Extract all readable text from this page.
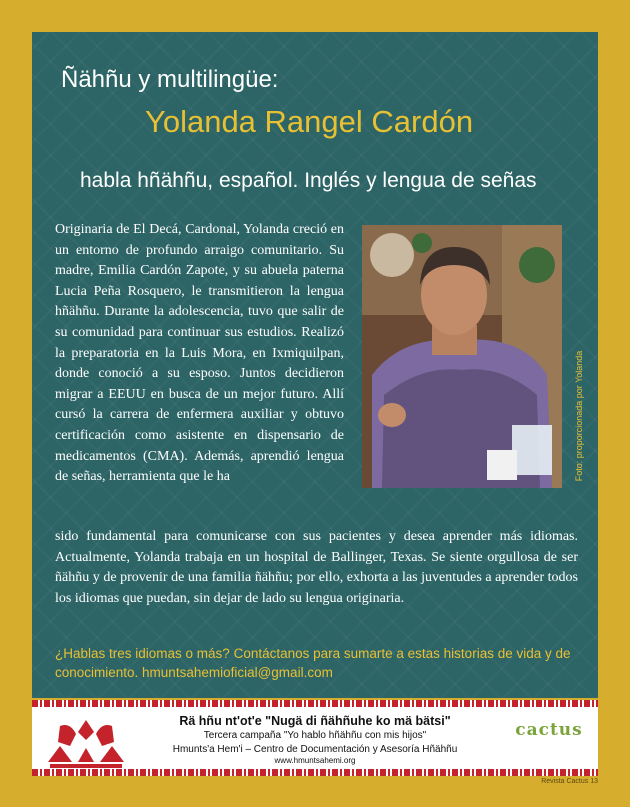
Ñähñu y multilingüe:
Yolanda Rangel Cardón
habla hñähñu, español. Inglés y lengua de señas

Originaria de El Decá, Cardonal, Yolanda creció en un entorno de profundo arraigo comunitario. Su madre, Emilia Cardón Zapote, y su abuela paterna Lucia Peña Rosquero, le transmitieron la lengua hñähñu. Durante la adolescencia, tuvo que salir de su comunidad para continuar sus estudios. Realizó la preparatoria en la Luis Mora, en Ixmiquilpan, donde conoció a su esposo. Juntos decidieron migrar a EEUU en busca de un mejor futuro. Allí cursó la carrera de enfermera auxiliar y obtuvo certificación como asistente en dispensario de medicamentos (CMA). Además, aprendió lengua de señas, herramienta que le ha	Foto: proporcionada por Yolanda

sido fundamental para comunicarse con sus pacientes y desea aprender más idiomas. Actualmente, Yolanda trabaja en un hospital de Ballinger, Texas. Se siente orgullosa de ser ñähñu y de provenir de una familia ñähñu; por ello, exhorta a las juventudes a aprender todos los idiomas que puedan, sin dejar de lado su lengua originaria.

¿Hablas tres idiomas o más? Contáctanos para sumarte a estas historias de vida y de conocimiento. hmuntsahemioficial@gmail.com

Rä hñu nt'ot'e "Nugä di ñähñuhe ko mä bätsi"
Tercera campaña "Yo hablo hñähñu con mis hijos"
Hmunts'a Hem'i – Centro de Documentación y Asesoría Hñähñu
www.hmuntsahemi.org
cactus
Revista Cactus 13
